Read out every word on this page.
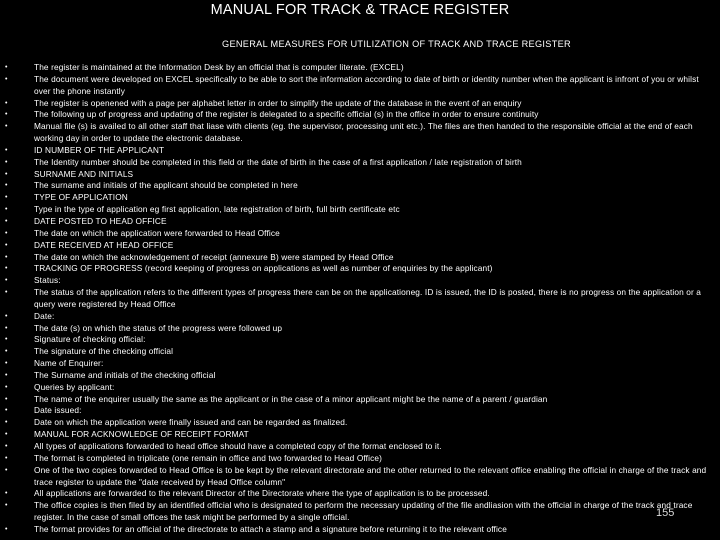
MANUAL FOR TRACK & TRACE REGISTER
GENERAL MEASURES FOR UTILIZATION OF TRACK AND TRACE REGISTER
•	The register is maintained at the Information Desk by an official that is computer literate. (EXCEL)
•	The document were developed on EXCEL specifically to be able to sort the information according to date of birth or identity number when the applicant is infront of you or whilst over the phone instantly
•	The register is openened with a page per alphabet letter in order to simplify the update of the database in the event of an enquiry
•	The following up of progress and updating of the register is delegated to a specific official (s) in the office in order to ensure continuity
•	Manual file (s) is availed to all other staff that liase with clients (eg. the supervisor, processing unit etc.). The files are then handed to the responsible official at the end of each working day in order to update the electronic database.
•	ID NUMBER OF THE APPLICANT
•	The Identity number should be completed in this field or the date of birth in the case of a first application / late registration of birth
•	SURNAME AND INITIALS
•	The surname and initials of the applicant should be completed in here
•	TYPE OF APPLICATION
•	Type in the type of application eg first application, late registration of birth, full birth certificate etc
•	DATE POSTED TO HEAD OFFICE
•	The date on which the application were forwarded to Head Office
•	DATE RECEIVED AT HEAD OFFICE
•	The date on which the acknowledgement of receipt (annexure B) were stamped by Head Office
•	TRACKING OF PROGRESS (record keeping of progress on applications as well as number of enquiries by the applicant)
•	Status:
•	The status of the application refers to the different types of progress there can be on the applicationeg. ID is issued, the ID is posted, there is no progress on the application or a query were registered by Head Office
•	Date:
•	The date (s) on which the status of the progress were followed up
•	Signature of checking official:
•	The signature of the checking official
•	Name of Enquirer:
•	The Surname and initials of the checking official
•	Queries by applicant:
•	The name of the enquirer usually the same as the applicant or in the case of a minor applicant might be the name of a parent / guardian
•	Date issued:
•	Date on which the application were finally issued and can be regarded as finalized.
•	MANUAL FOR ACKNOWLEDGE OF RECEIPT FORMAT
•	All types of applications forwarded to head office should have a completed copy of the format enclosed to it.
•	The format is completed in triplicate (one remain in office and two forwarded to Head Office)
•	One of the two copies forwarded to Head Office is to be kept by the relevant directorate and the other returned to the relevant office enabling the official in charge of the track and trace register to update the "date received by Head Office column"
•	All applications are forwarded to the relevant Director of the Directorate where the type of application is to be processed.
•	The office copies is then filed by an identified official who is designated to perform the necessary updating of the file andliasion with the official in charge of the track and trace register. In the case of small offices the task might be performed by a single official.
•	The format provides for an official of the directorate to attach a stamp and a signature before returning it to the relevant office
155
